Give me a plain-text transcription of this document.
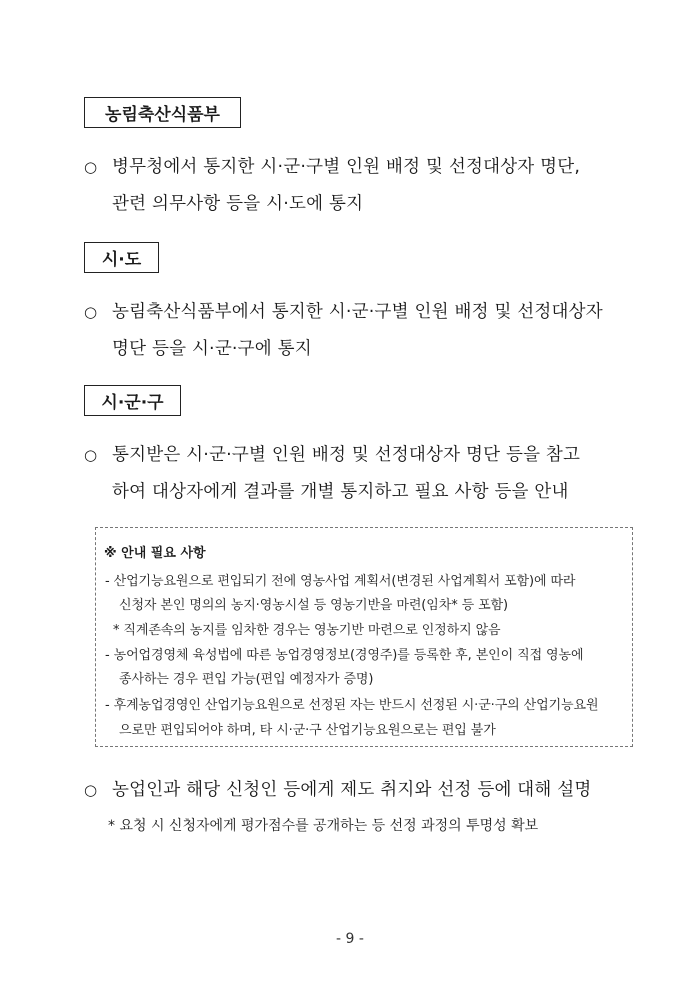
농림축산식품부
○ 병무청에서 통지한 시·군·구별 인원 배정 및 선정대상자 명단,
관련 의무사항 등을 시·도에 통지
시·도
○ 농림축산식품부에서 통지한 시·군·구별 인원 배정 및 선정대상자
명단 등을 시·군·구에 통지
시·군·구
○ 통지받은 시·군·구별 인원 배정 및 선정대상자 명단 등을 참고
하여 대상자에게 결과를 개별 통지하고 필요 사항 등을 안내
※ 안내 필요 사항
- 산업기능요원으로 편입되기 전에 영농사업 계획서(변경된 사업계획서 포함)에 따라
신청자 본인 명의의 농지·영농시설 등 영농기반을 마련(임차* 등 포함)
* 직계존속의 농지를 임차한 경우는 영농기반 마련으로 인정하지 않음
- 농어업경영체 육성법에 따른 농업경영정보(경영주)를 등록한 후, 본인이 직접 영농에
종사하는 경우 편입 가능(편입 예정자가 증명)
- 후계농업경영인 산업기능요원으로 선정된 자는 반드시 선정된 시·군·구의 산업기능요원
으로만 편입되어야 하며, 타 시·군·구 산업기능요원으로는 편입 불가
○ 농업인과 해당 신청인 등에게 제도 취지와 선정 등에 대해 설명
* 요청 시 신청자에게 평가점수를 공개하는 등 선정 과정의 투명성 확보
- 9 -
